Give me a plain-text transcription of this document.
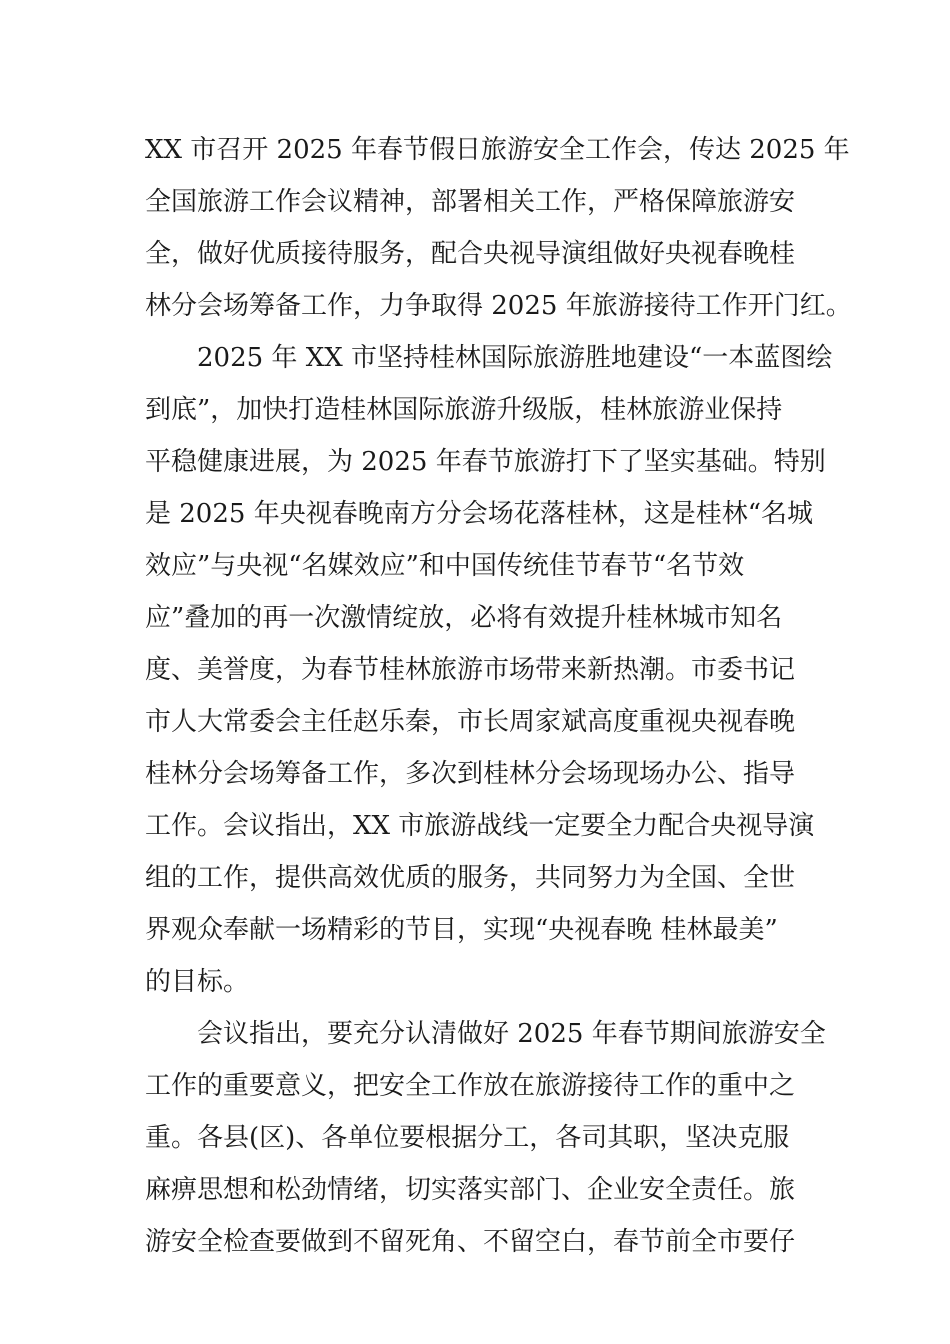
XX 市召开 2025 年春节假日旅游安全工作会，传达 2025 年

全国旅游工作会议精神，部署相关工作，严格保障旅游安

全，做好优质接待服务，配合央视导演组做好央视春晚桂

林分会场筹备工作，力争取得 2025 年旅游接待工作开门红。

2025 年 XX 市坚持桂林国际旅游胜地建设“一本蓝图绘

到底”，加快打造桂林国际旅游升级版，桂林旅游业保持

平稳健康进展，为 2025 年春节旅游打下了坚实基础。特别

是 2025 年央视春晚南方分会场花落桂林，这是桂林“名城

效应”与央视“名媒效应”和中国传统佳节春节“名节效

应”叠加的再一次激情绽放，必将有效提升桂林城市知名

度、美誉度，为春节桂林旅游市场带来新热潮。市委书记

市人大常委会主任赵乐秦，市长周家斌高度重视央视春晚

桂林分会场筹备工作，多次到桂林分会场现场办公、指导

工作。会议指出，XX 市旅游战线一定要全力配合央视导演

组的工作，提供高效优质的服务，共同努力为全国、全世

界观众奉献一场精彩的节目，实现“央视春晚 桂林最美”

的目标。

会议指出，要充分认清做好 2025 年春节期间旅游安全

工作的重要意义，把安全工作放在旅游接待工作的重中之

重。各县(区)、各单位要根据分工，各司其职，坚决克服

麻痹思想和松劲情绪，切实落实部门、企业安全责任。旅

游安全检查要做到不留死角、不留空白，春节前全市要仔
